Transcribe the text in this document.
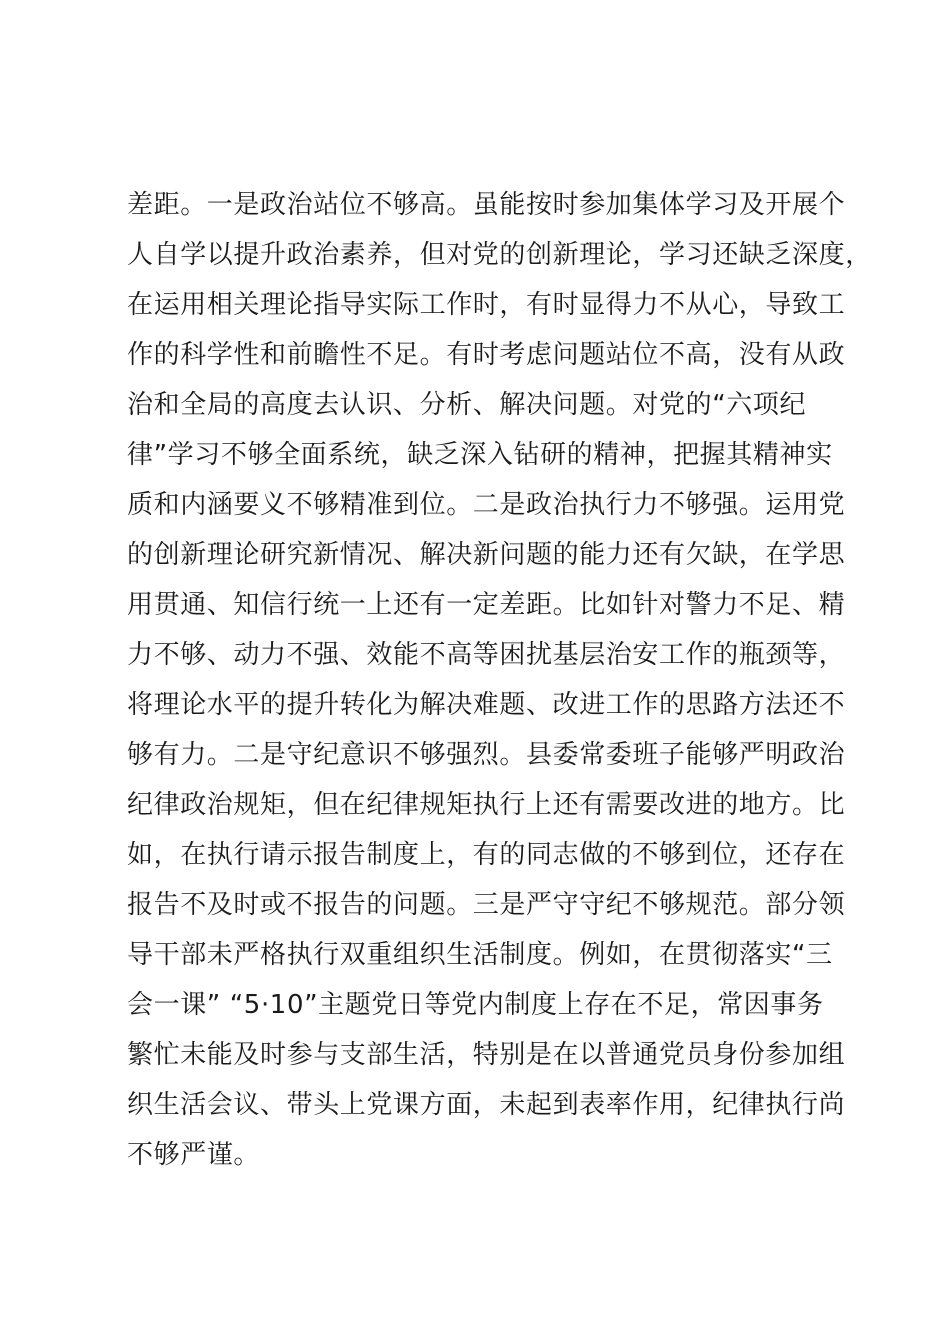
差距。一是政治站位不够高。虽能按时参加集体学习及开展个
人自学以提升政治素养，但对党的创新理论，学习还缺乏深度，
在运用相关理论指导实际工作时，有时显得力不从心，导致工
作的科学性和前瞻性不足。有时考虑问题站位不高，没有从政
治和全局的高度去认识、分析、解决问题。对党的“六项纪
律”学习不够全面系统，缺乏深入钻研的精神，把握其精神实
质和内涵要义不够精准到位。二是政治执行力不够强。运用党
的创新理论研究新情况、解决新问题的能力还有欠缺，在学思
用贯通、知信行统一上还有一定差距。比如针对警力不足、精
力不够、动力不强、效能不高等困扰基层治安工作的瓶颈等，
将理论水平的提升转化为解决难题、改进工作的思路方法还不
够有力。二是守纪意识不够强烈。县委常委班子能够严明政治
纪律政治规矩，但在纪律规矩执行上还有需要改进的地方。比
如，在执行请示报告制度上，有的同志做的不够到位，还存在
报告不及时或不报告的问题。三是严守守纪不够规范。部分领
导干部未严格执行双重组织生活制度。例如，在贯彻落实“三
会一课” “5·10”主题党日等党内制度上存在不足，常因事务
繁忙未能及时参与支部生活，特别是在以普通党员身份参加组
织生活会议、带头上党课方面，未起到表率作用，纪律执行尚
不够严谨。
